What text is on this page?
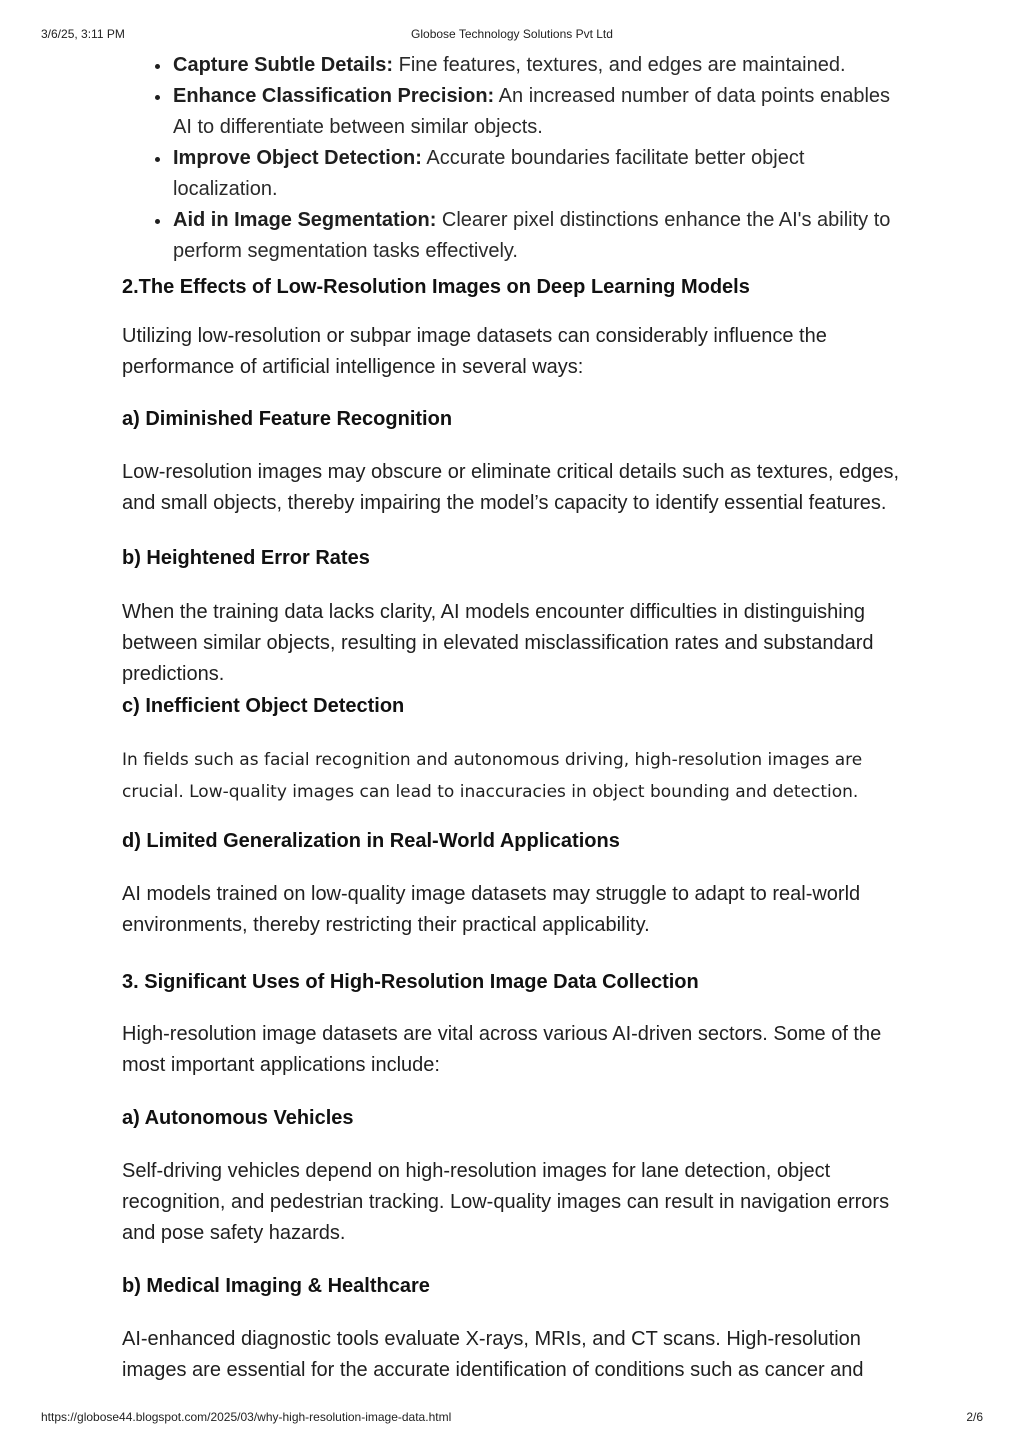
Globose Technology Solutions Pvt Ltd
3/6/25, 3:11 PM
Capture Subtle Details: Fine features, textures, and edges are maintained.
Enhance Classification Precision: An increased number of data points enables AI to differentiate between similar objects.
Improve Object Detection: Accurate boundaries facilitate better object localization.
Aid in Image Segmentation: Clearer pixel distinctions enhance the AI's ability to perform segmentation tasks effectively.
2.The Effects of Low-Resolution Images on Deep Learning Models
Utilizing low-resolution or subpar image datasets can considerably influence the performance of artificial intelligence in several ways:
a) Diminished Feature Recognition
Low-resolution images may obscure or eliminate critical details such as textures, edges, and small objects, thereby impairing the model’s capacity to identify essential features.
b) Heightened Error Rates
When the training data lacks clarity, AI models encounter difficulties in distinguishing between similar objects, resulting in elevated misclassification rates and substandard predictions.
c) Inefficient Object Detection
In fields such as facial recognition and autonomous driving, high-resolution images are crucial. Low-quality images can lead to inaccuracies in object bounding and detection.
d) Limited Generalization in Real-World Applications
AI models trained on low-quality image datasets may struggle to adapt to real-world environments, thereby restricting their practical applicability.
3. Significant Uses of High-Resolution Image Data Collection
High-resolution image datasets are vital across various AI-driven sectors. Some of the most important applications include:
a) Autonomous Vehicles
Self-driving vehicles depend on high-resolution images for lane detection, object recognition, and pedestrian tracking. Low-quality images can result in navigation errors and pose safety hazards.
b) Medical Imaging & Healthcare
AI-enhanced diagnostic tools evaluate X-rays, MRIs, and CT scans. High-resolution images are essential for the accurate identification of conditions such as cancer and
https://globose44.blogspot.com/2025/03/why-high-resolution-image-data.html	2/6
